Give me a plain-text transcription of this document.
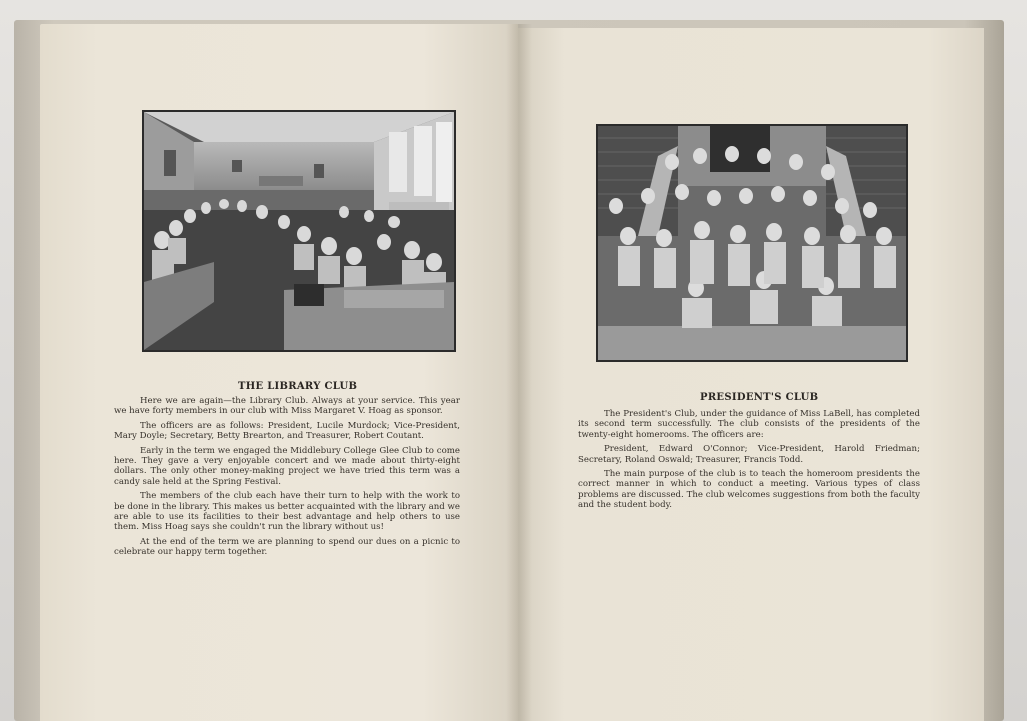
THE LIBRARY CLUB

Here we are again—the Library Club. Always at your service. This year we have forty members in our club with Miss Margaret V. Hoag as sponsor.

The officers are as follows: President, Lucile Murdock; Vice-President, Mary Doyle; Secretary, Betty Brearton, and Treasurer, Robert Coutant.

Early in the term we engaged the Middlebury College Glee Club to come here. They gave a very enjoyable concert and we made about thirty-eight dollars. The only other money-making project we have tried this term was a candy sale held at the Spring Festival.

The members of the club each have their turn to help with the work to be done in the library. This makes us better acquainted with the library and we are able to use its facilities to their best advantage and help others to use them. Miss Hoag says she couldn't run the library without us!

At the end of the term we are planning to spend our dues on a picnic to celebrate our happy term together.

PRESIDENT'S CLUB

The President's Club, under the guidance of Miss LaBell, has completed its second term successfully. The club consists of the presidents of the twenty-eight homerooms. The officers are:

President, Edward O'Connor; Vice-President, Harold Friedman; Secretary, Roland Oswald; Treasurer, Francis Todd.

The main purpose of the club is to teach the homeroom presidents the correct manner in which to conduct a meeting. Various types of class problems are discussed. The club welcomes suggestions from both the faculty and the student body.
